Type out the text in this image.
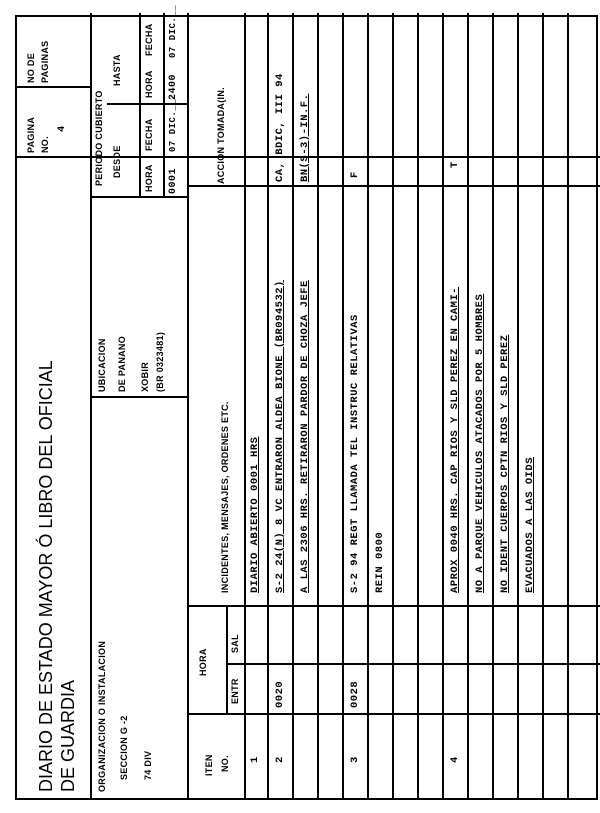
DIARIO DE ESTADO MAYOR Ó LIBRO DEL OFICIAL DE GUARDIA
PAGINA NO.
4
NO DE PAGINAS
ORGANIZACION O INSTALACION SECCION G -2 74 DIV
UBICACION DE PANANO XOBIR (BR 0323481)
PERIODO CUBIERTO DESDE
HASTA
HORA
FECHA
HORA
FECHA
0001
07 DIC.__
2400
07 DIC.__
ITEN NO.
HORA
ENTR
SAL
INCIDENTES, MENSAJES, ORDENES ETC.
ACCION TOMADA(IN.
1
DIARIO ABIERTO 0001 HRS
2
0020
S-2 24(N) 8 VC ENTRARON ALDEA BIONE (BR094532)
CA, BDIC, III 94
A LAS 2306 HRS. RETIRARON PARDOR DE CHOZA JEFE
BN(S-3)-IN.F.
3
0028
S-2 94 REGT LLAMADA TEL INSTRUC RELATIVAS
F
REIN 0800
4
APROX 0040 HRS. CAP RIOS Y SLD PEREZ EN CAMI-
T
NO A PARQUE VEHICULOS ATACADOS POR 5 HOMBRES NO IDENT CUERPOS CPTN RIOS Y SLD PEREZ EVACUADOS A LAS OIDS
